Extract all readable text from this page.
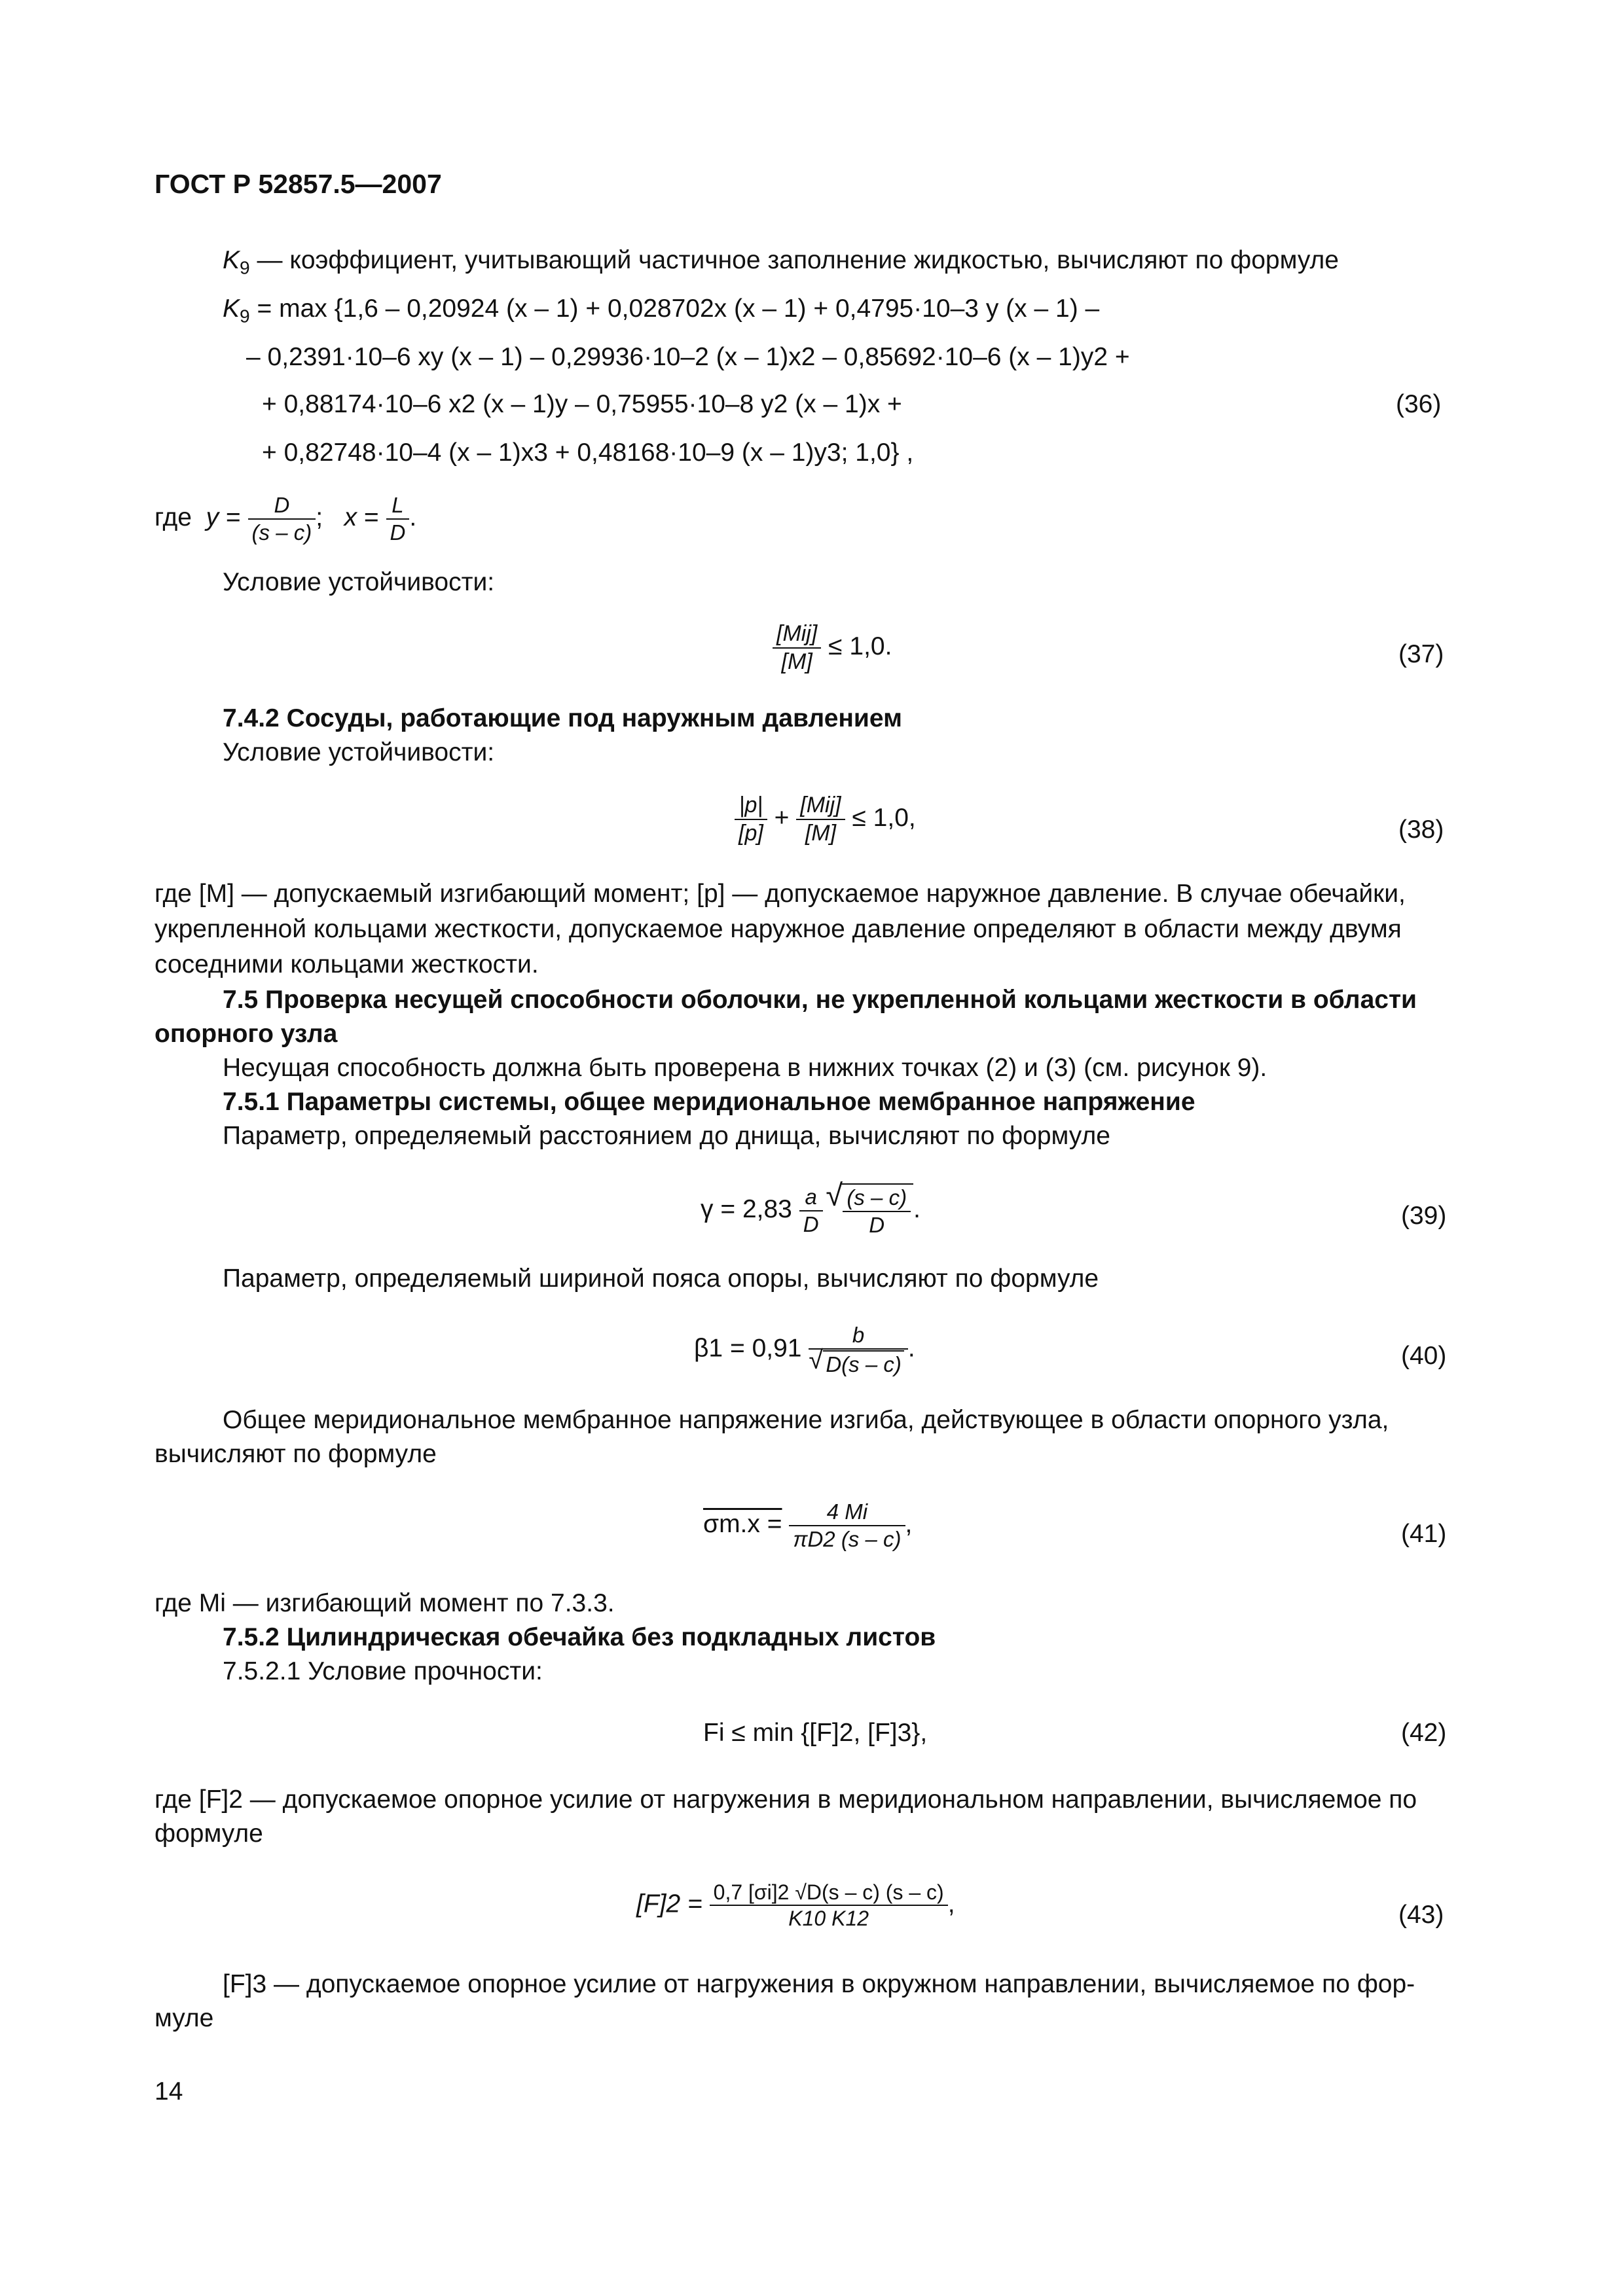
ГОСТ Р 52857.5—2007
$K_9$ — коэффициент, учитывающий частичное заполнение жидкостью, вычисляют по формуле
$K_9 = \max \{1,6 - 0,20924$ (x – 1) + 0,028702x (x – 1) + 0,4795·10–3 y (x – 1) –
– 0,2391·10–6 xy (x – 1) – 0,29936·10–2 (x – 1)x2 – 0,85692·10–6 (x – 1)y2 +
+ 0,88174·10–6 x2 (x – 1)y – 0,75955·10–8 y2 (x – 1)x +
+ 0,82748·10–4 (x – 1)x3 + 0,48168·10–9 (x – 1)y3; 1,0} ,
(36)
где $y = \frac{D}{(s - c)}$ ;   $x = \frac{L}{D}$ .
Условие устойчивости:
$\frac{\text{[Mij]}}{[M]} \le 1,0$.	(37)
7.4.2 Сосуды, работающие под наружным давлением
Условие устойчивости:
$\frac{|p|}{[p]} + \frac{\text{[Mij]}}{[M]} \le 1,0$,	(38)
где [M] — допускаемый изгибающий момент; [p] — допускаемое наружное давление. В случае обечайки,
укрепленной кольцами жесткости, допускаемое наружное давление определяют в области между двумя
соседними кольцами жесткости.
7.5 Проверка несущей способности оболочки, не укрепленной кольцами жесткости в области
опорного узла
Несущая способность должна быть проверена в нижних точках (2) и (3) (см. рисунок 9).
7.5.1 Параметры системы, общее меридиональное мембранное напряжение
Параметр, определяемый расстоянием до днища, вычисляют по формуле
$\gamma = 2,83 \frac{a}{D}$
√ $\frac{(s - c)}{D}$ .	(39)
Параметр, определяемый шириной пояса опоры, вычисляют по формуле
β1 = 0,91 b
√ D(s – c) .	(40)
Общее меридиональное мембранное напряжение изгиба, действующее в области опорного узла,
вычисляют по формуле
$\sigma m.x = \frac{4 Mi}{\pi D2 (s - c)}$ ,	(41)
где Mi — изгибающий момент по 7.3.3.
7.5.2 Цилиндрическая обечайка без подкладных листов
7.5.2.1 Условие прочности:
Fi ≤ min {[F]2, [F]3},	(42)
где [F]2 — допускаемое опорное усилие от нагружения в меридиональном направлении, вычисляемое по
формуле
$[F]2 = \frac{0,7 [\sigma i]2 √D(s - c) (s - c)}{K10 K12}$ ,	(43)
[F]3 — допускаемое опорное усилие от нагружения в окружном направлении, вычисляемое по фор-
муле
14
